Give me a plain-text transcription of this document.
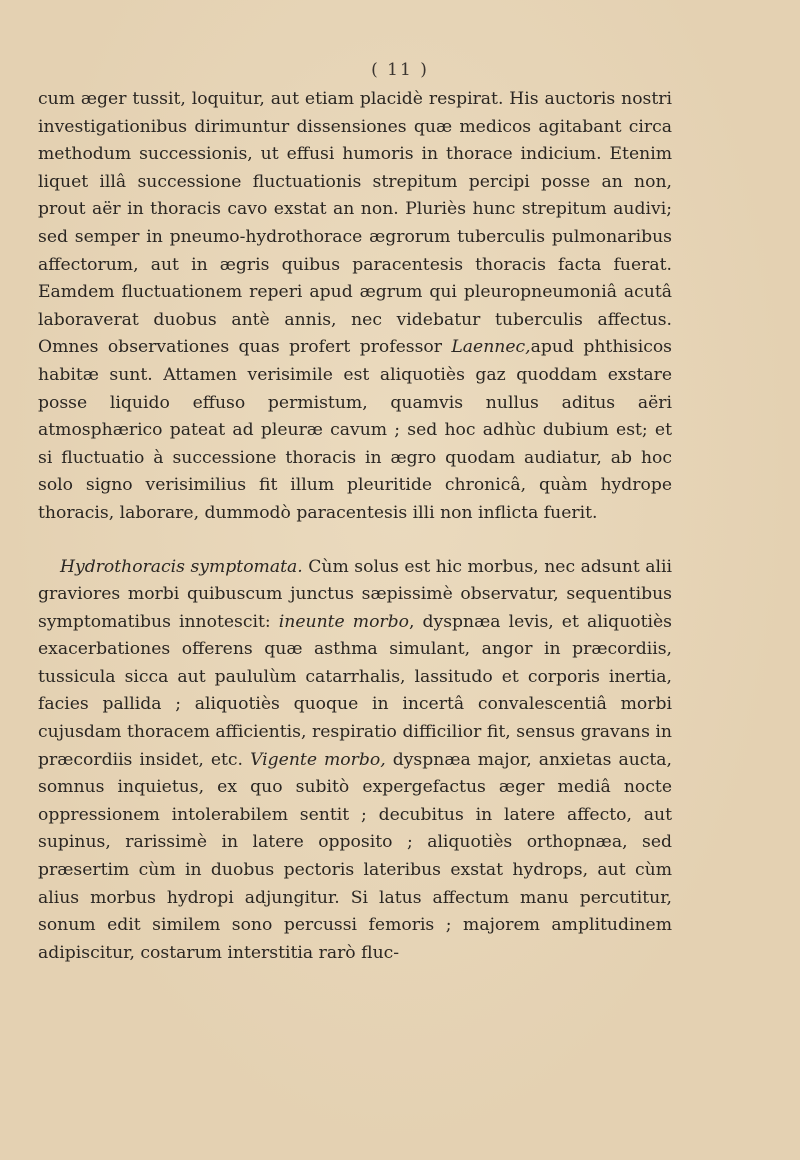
( 11 )

cum æger tussit, loquitur, aut etiam placidè respirat. His auctoris nostri investigationibus dirimuntur dissensiones quæ medicos agitabant circa methodum successionis, ut effusi humoris in thorace indicium. Etenim liquet illâ successione fluctuationis strepitum percipi posse an non, prout aër in thoracis cavo exstat an non. Pluriès hunc strepitum audivi; sed semper in pneumo-hydrothorace ægrorum tuberculis pulmonaribus affectorum, aut in ægris quibus paracentesis thoracis facta fuerat. Eamdem fluctuationem reperi apud ægrum qui pleuropneumoniâ acutâ laboraverat duobus antè annis, nec videbatur tuberculis affectus. Omnes observationes quas profert professor Laennec,apud phthisicos habitæ sunt. Attamen verisimile est aliquotiès gaz quoddam exstare posse liquido effuso permistum, quamvis nullus aditus aëri atmosphærico pateat ad pleuræ cavum ; sed hoc adhùc dubium est; et si fluctuatio à successione thoracis in ægro quodam audiatur, ab hoc solo signo verisimilius fit illum pleuritide chronicâ, quàm hydrope thoracis, laborare, dummodò paracentesis illi non inflicta fuerit.

Hydrothoracis symptomata. Cùm solus est hic morbus, nec adsunt alii graviores morbi quibuscum junctus sæpissimè observatur, sequentibus symptomatibus innotescit: ineunte morbo, dyspnæa levis, et aliquotiès exacerbationes offerens quæ asthma simulant, angor in præcordiis, tussicula sicca aut paululùm catarrhalis, lassitudo et corporis inertia, facies pallida ; aliquotiès quoque in incertâ convalescentiâ morbi cujusdam thoracem afficientis, respiratio difficilior fit, sensus gravans in præcordiis insidet, etc. Vigente morbo, dyspnæa major, anxietas aucta, somnus inquietus, ex quo subitò expergefactus æger mediâ nocte oppressionem intolerabilem sentit ; decubitus in latere affecto, aut supinus, rarissimè in latere opposito ; aliquotiès orthopnæa, sed præsertim cùm in duobus pectoris lateribus exstat hydrops, aut cùm alius morbus hydropi adjungitur. Si latus affectum manu percutitur, sonum edit similem sono percussi femoris ; majorem amplitudinem adipiscitur, costarum interstitia rarò fluc-
